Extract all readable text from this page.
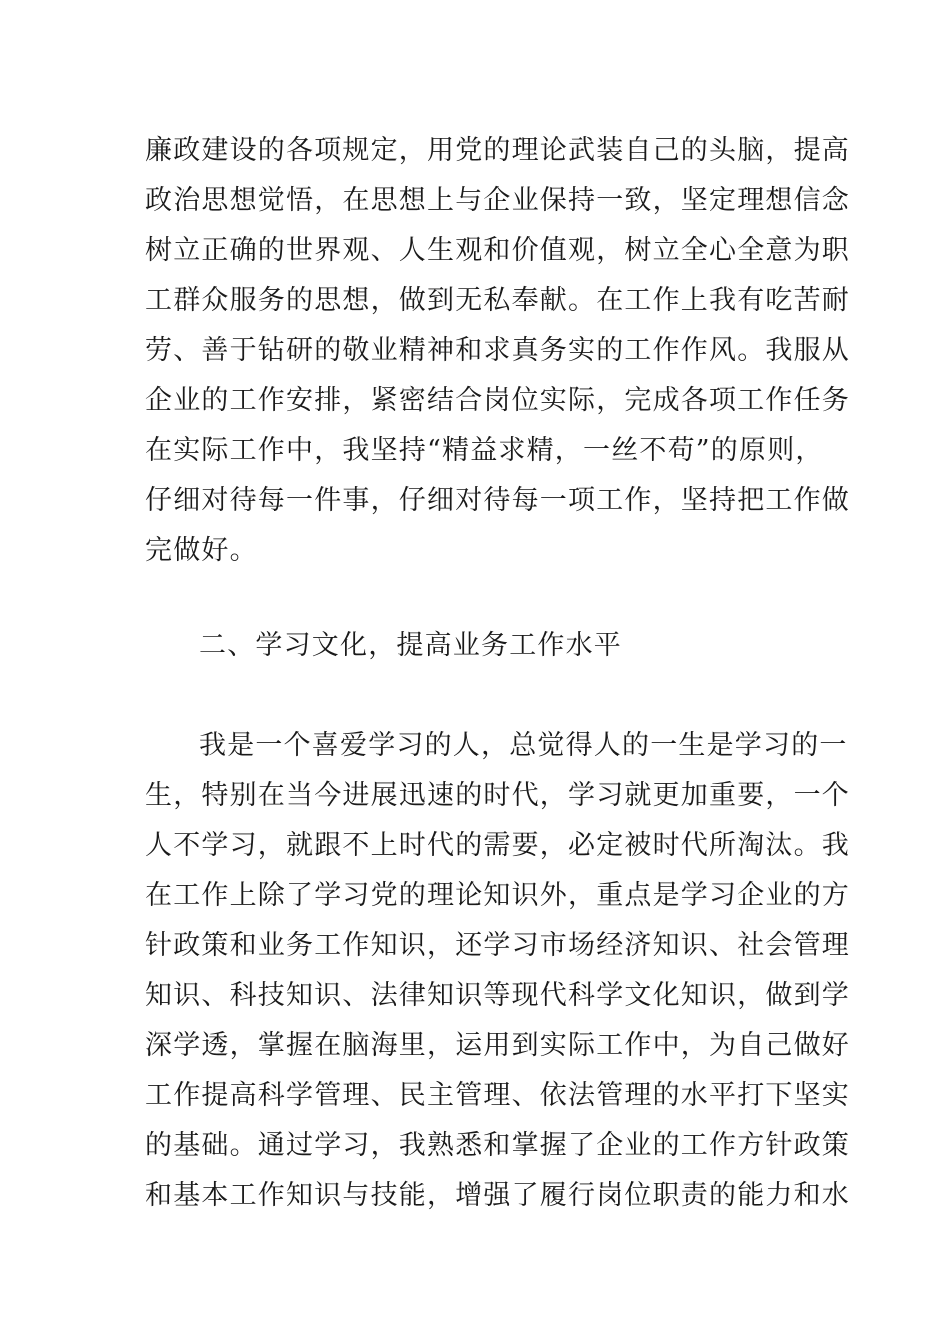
廉政建设的各项规定，用党的理论武装自己的头脑，提高
政治思想觉悟，在思想上与企业保持一致，坚定理想信念
树立正确的世界观、人生观和价值观，树立全心全意为职
工群众服务的思想，做到无私奉献。在工作上我有吃苦耐
劳、善于钻研的敬业精神和求真务实的工作作风。我服从
企业的工作安排，紧密结合岗位实际，完成各项工作任务
在实际工作中，我坚持“精益求精，一丝不苟”的原则，
仔细对待每一件事，仔细对待每一项工作，坚持把工作做
完做好。
二、学习文化，提高业务工作水平
我是一个喜爱学习的人，总觉得人的一生是学习的一
生，特别在当今进展迅速的时代，学习就更加重要，一个
人不学习，就跟不上时代的需要，必定被时代所淘汰。我
在工作上除了学习党的理论知识外，重点是学习企业的方
针政策和业务工作知识，还学习市场经济知识、社会管理
知识、科技知识、法律知识等现代科学文化知识，做到学
深学透，掌握在脑海里，运用到实际工作中，为自己做好
工作提高科学管理、民主管理、依法管理的水平打下坚实
的基础。通过学习，我熟悉和掌握了企业的工作方针政策
和基本工作知识与技能，增强了履行岗位职责的能力和水
